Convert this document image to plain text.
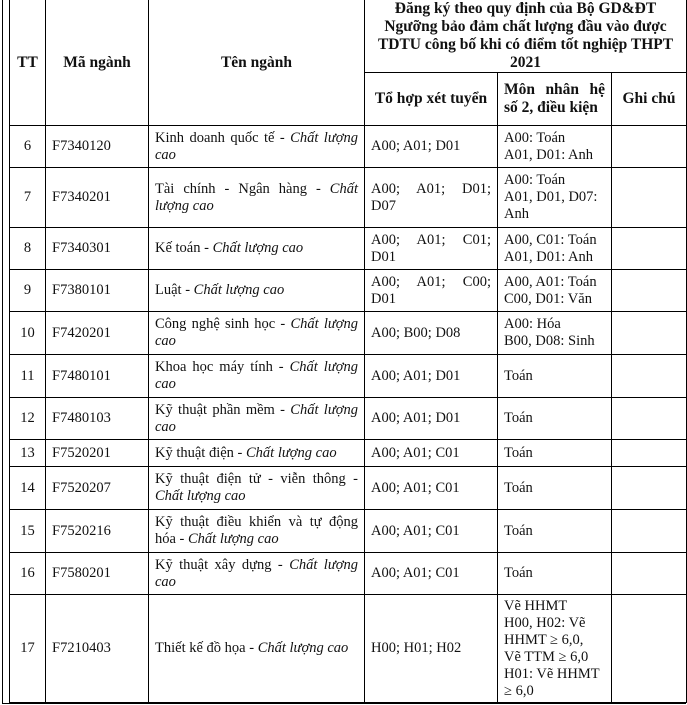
TT	Mã ngành	Tên ngành	Đăng ký theo quy định của Bộ GD&ĐT Ngưỡng bảo đảm chất lượng đầu vào được TDTU công bố khi có điểm tốt nghiệp THPT 2021		
			Tổ hợp xét tuyển	Môn nhân hệ số 2, điều kiện	Ghi chú
6	F7340120	Kinh doanh quốc tế - Chất lượng cao	A00; A01; D01	A00: Toán
A01, D01: Anh	

7	F7340201	Tài chính - Ngân hàng - Chất lượng cao	A00; A01; D01; D07	A00: Toán
A01, D01, D07: Anh	

8	F7340301	Kế toán - Chất lượng cao	A00; A01; C01; D01	A00, C01: Toán
A01, D01: Anh	

9	F7380101	Luật - Chất lượng cao	A00; A01; C00; D01	A00, A01: Toán
C00, D01: Văn	

10	F7420201	Công nghệ sinh học - Chất lượng cao	A00; B00; D08	A00: Hóa
B00, D08: Sinh	

11	F7480101	Khoa học máy tính - Chất lượng cao	A00; A01; D01	Toán	

12	F7480103	Kỹ thuật phần mềm - Chất lượng cao	A00; A01; D01	Toán	

13	F7520201	Kỹ thuật điện - Chất lượng cao	A00; A01; C01	Toán	

14	F7520207	Kỹ thuật điện tử - viễn thông - Chất lượng cao	A00; A01; C01	Toán	

15	F7520216	Kỹ thuật điều khiển và tự động hóa - Chất lượng cao	A00; A01; C01	Toán	

16	F7580201	Kỹ thuật xây dựng - Chất lượng cao	A00; A01; C01	Toán	

17	F7210403	Thiết kế đồ họa - Chất lượng cao	H00; H01; H02	Vẽ HHMT
H00, H02: Vẽ HHMT ≥ 6,0,
Vẽ TTM ≥ 6,0
H01: Vẽ HHMT ≥ 6,0	
